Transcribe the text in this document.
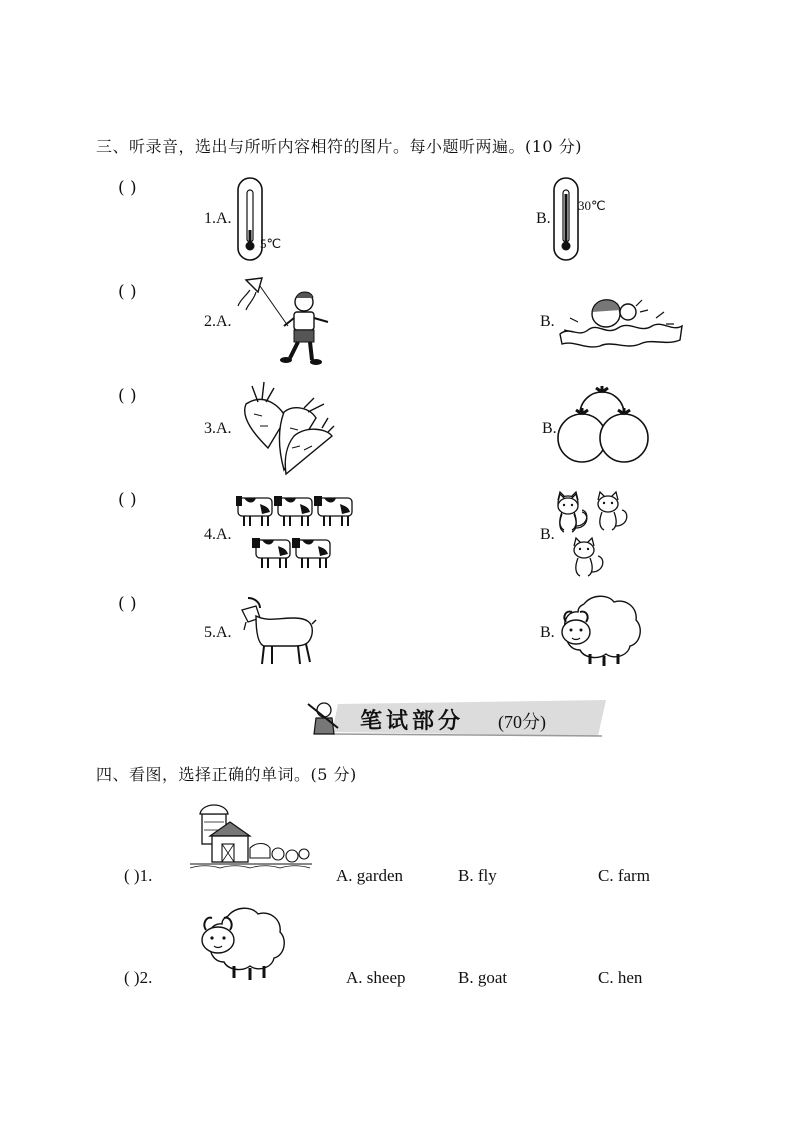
三、听录音，选出与所听内容相符的图片。每小题听两遍。(10 分)
( )
1.A.
5℃
B.
30℃
( )
2.A.	B.
( )
3.A.	B.
( )
4.A.	B.
( )
5.A.	B.
笔试部分 (70分)
四、看图，选择正确的单词。(5 分)
( )1.	A. garden	B. fly	C. farm
( )2.	A. sheep	B. goat	C. hen
